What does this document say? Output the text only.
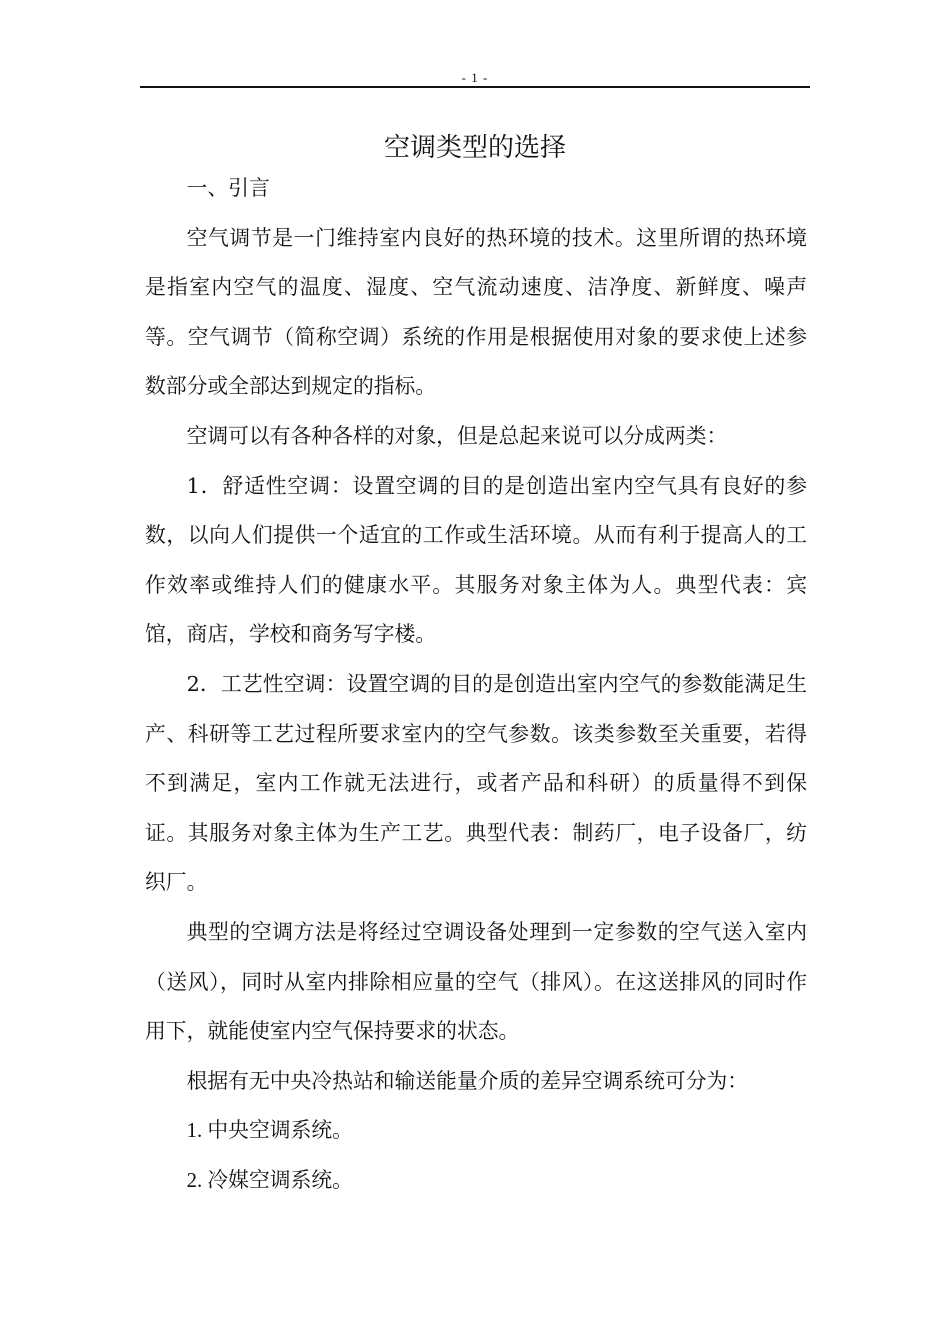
- 1 -
空调类型的选择

一、引言

空气调节是一门维持室内良好的热环境的技术。这里所谓的热环境是指室内空气的温度、湿度、空气流动速度、洁净度、新鲜度、噪声等。空气调节（简称空调）系统的作用是根据使用对象的要求使上述参数部分或全部达到规定的指标。

空调可以有各种各样的对象，但是总起来说可以分成两类：

1．舒适性空调：设置空调的目的是创造出室内空气具有良好的参数，以向人们提供一个适宜的工作或生活环境。从而有利于提高人的工作效率或维持人们的健康水平。其服务对象主体为人。典型代表：宾馆，商店，学校和商务写字楼。

2．工艺性空调：设置空调的目的是创造出室内空气的参数能满足生产、科研等工艺过程所要求室内的空气参数。该类参数至关重要，若得不到满足，室内工作就无法进行，或者产品和科研）的质量得不到保证。其服务对象主体为生产工艺。典型代表：制药厂，电子设备厂，纺织厂。

典型的空调方法是将经过空调设备处理到一定参数的空气送入室内（送风），同时从室内排除相应量的空气（排风）。在这送排风的同时作用下，就能使室内空气保持要求的状态。

根据有无中央冷热站和输送能量介质的差异空调系统可分为：

1. 中央空调系统。

2. 冷媒空调系统。
